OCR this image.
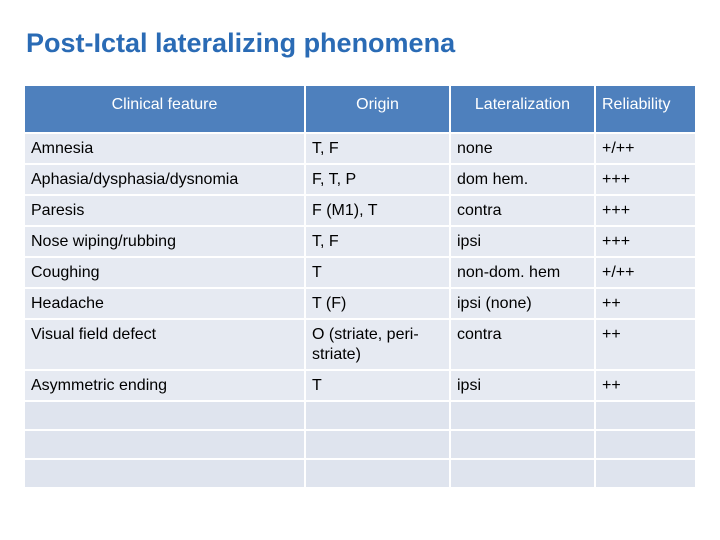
Post-Ictal lateralizing phenomena
Clinical feature	Origin	Lateralization	Reliability
Amnesia	T, F	none	+/++
Aphasia/dysphasia/dysnomia	F, T, P	dom hem.	+++
Paresis	F (M1), T	contra	+++
Nose wiping/rubbing	T, F	ipsi	+++
Coughing	T	non-dom. hem	+/++
Headache	T (F)	ipsi (none)	++
Visual field defect	O (striate, peri-striate)	contra	++
Asymmetric ending	T	ipsi	++
